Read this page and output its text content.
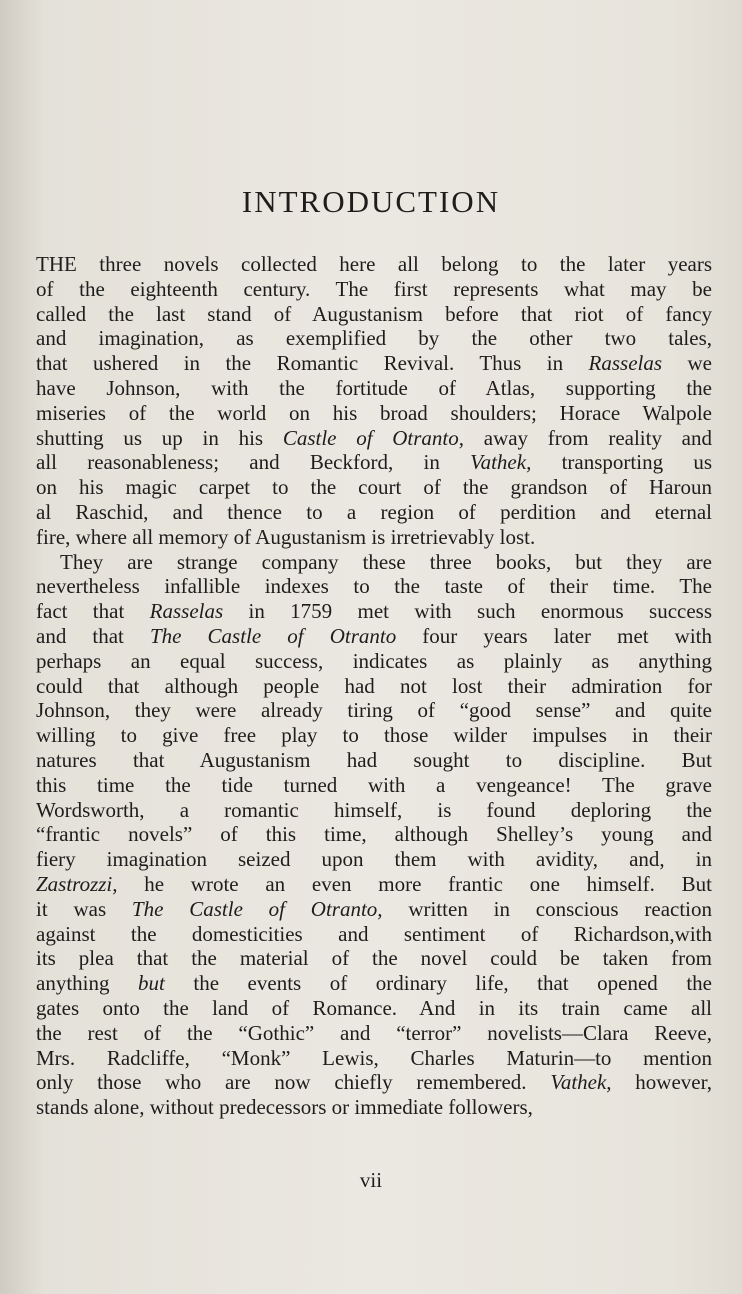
INTRODUCTION
THE three novels collected here all belong to the later years
of the eighteenth century. The first represents what may be
called the last stand of Augustanism before that riot of fancy
and imagination, as exemplified by the other two tales,
that ushered in the Romantic Revival. Thus in Rasselas we
have Johnson, with the fortitude of Atlas, supporting the
miseries of the world on his broad shoulders; Horace Walpole
shutting us up in his Castle of Otranto, away from reality and
all reasonableness; and Beckford, in Vathek, transporting us
on his magic carpet to the court of the grandson of Haroun
al Raschid, and thence to a region of perdition and eternal
fire, where all memory of Augustanism is irretrievably lost.
They are strange company these three books, but they are
nevertheless infallible indexes to the taste of their time. The
fact that Rasselas in 1759 met with such enormous success
and that The Castle of Otranto four years later met with
perhaps an equal success, indicates as plainly as anything
could that although people had not lost their admiration for
Johnson, they were already tiring of “good sense” and quite
willing to give free play to those wilder impulses in their
natures that Augustanism had sought to discipline. But
this time the tide turned with a vengeance! The grave
Wordsworth, a romantic himself, is found deploring the
“frantic novels” of this time, although Shelley’s young and
fiery imagination seized upon them with avidity, and, in
Zastrozzi, he wrote an even more frantic one himself. But
it was The Castle of Otranto, written in conscious reaction
against the domesticities and sentiment of Richardson,with
its plea that the material of the novel could be taken from
anything but the events of ordinary life, that opened the
gates onto the land of Romance. And in its train came all
the rest of the “Gothic” and “terror” novelists—Clara Reeve,
Mrs. Radcliffe, “Monk” Lewis, Charles Maturin—to mention
only those who are now chiefly remembered. Vathek, however,
stands alone, without predecessors or immediate followers,
vii
